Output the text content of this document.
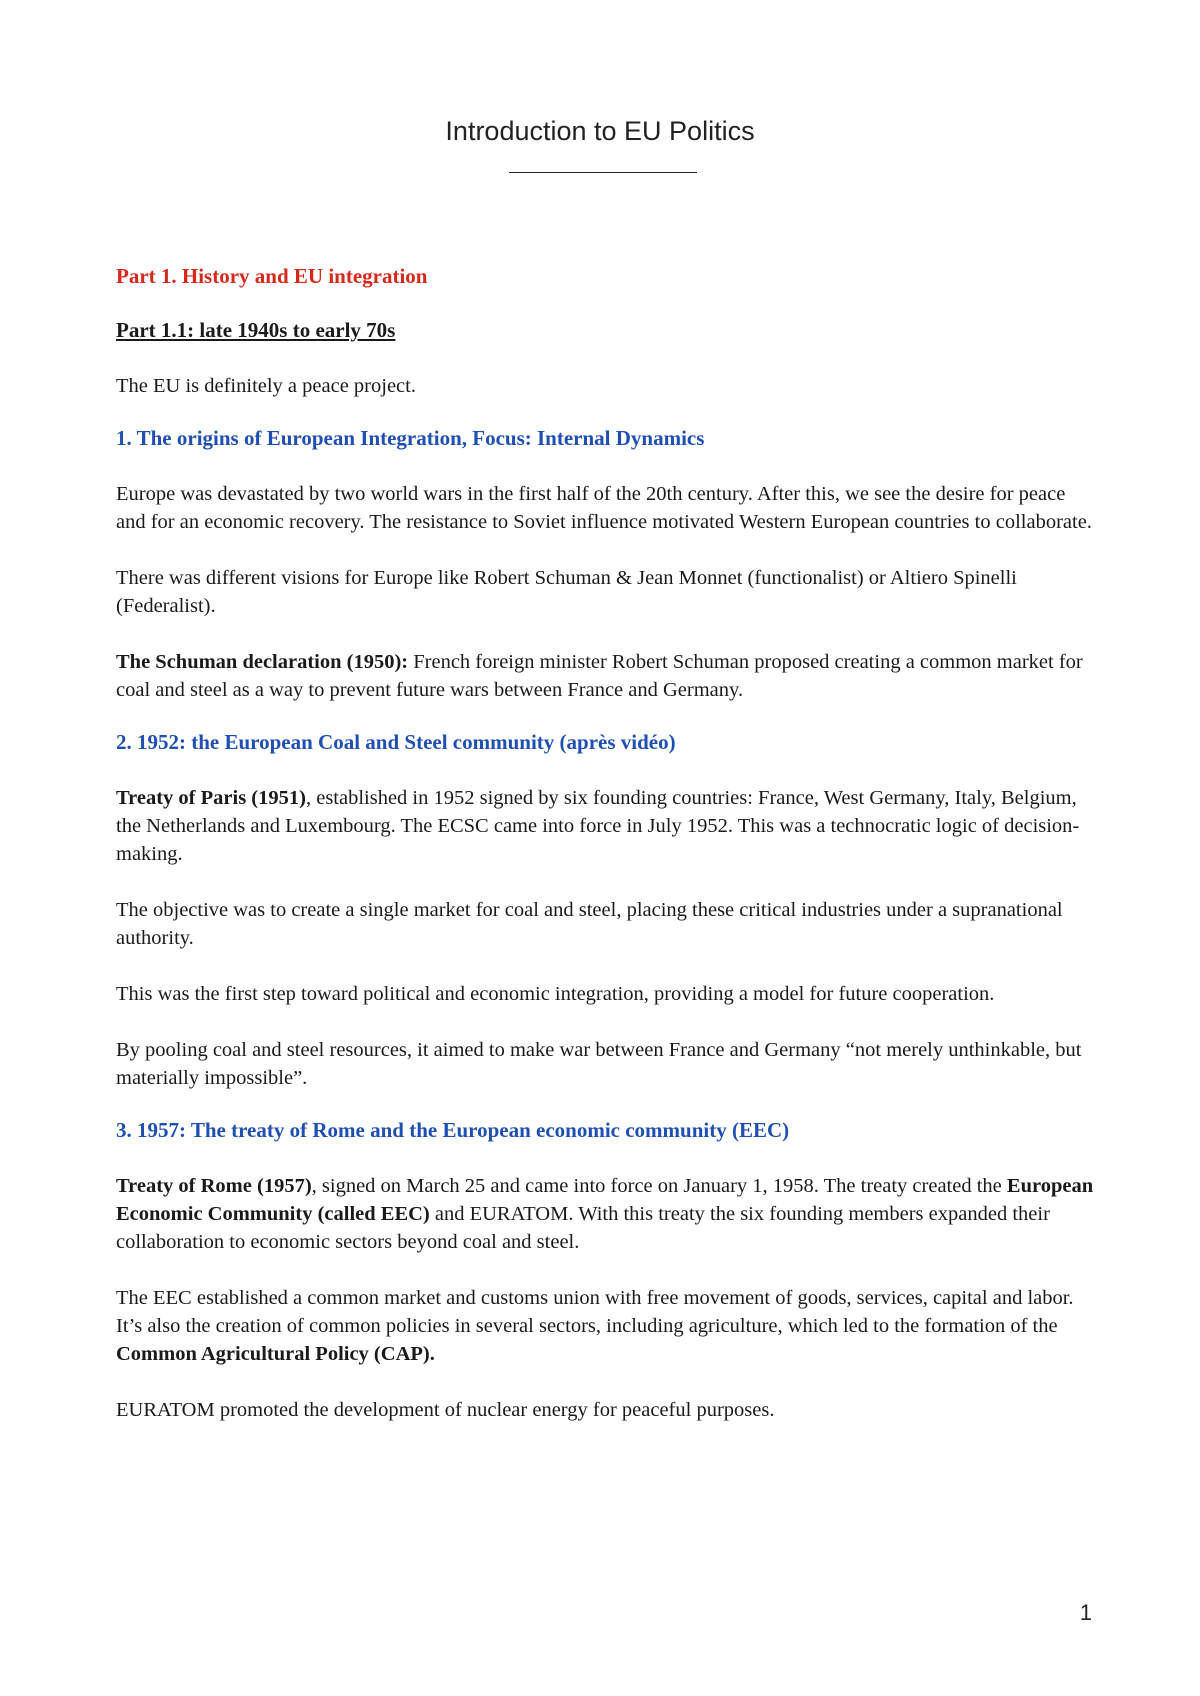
Introduction to EU Politics
Part 1. History and EU integration
Part 1.1: late 1940s to early 70s

The EU is definitely a peace project.

1. The origins of European Integration, Focus: Internal Dynamics

Europe was devastated by two world wars in the first half of the 20th century. After this, we see the desire for peace and for an economic recovery. The resistance to Soviet influence motivated Western European countries to collaborate.

There was different visions for Europe like Robert Schuman & Jean Monnet (functionalist) or Altiero Spinelli (Federalist).

The Schuman declaration (1950): French foreign minister Robert Schuman proposed creating a common market for coal and steel as a way to prevent future wars between France and Germany.

2. 1952: the European Coal and Steel community (après vidéo)

Treaty of Paris (1951), established in 1952 signed by six founding countries: France, West Germany, Italy, Belgium, the Netherlands and Luxembourg. The ECSC came into force in July 1952. This was a technocratic logic of decision-making.

The objective was to create a single market for coal and steel, placing these critical industries under a supranational authority.

This was the first step toward political and economic integration, providing a model for future cooperation.

By pooling coal and steel resources, it aimed to make war between France and Germany “not merely unthinkable, but materially impossible”.

3. 1957: The treaty of Rome and the European economic community (EEC)

Treaty of Rome (1957), signed on March 25 and came into force on January 1, 1958. The treaty created the European Economic Community (called EEC) and EURATOM. With this treaty the six founding members expanded their collaboration to economic sectors beyond coal and steel.

The EEC established a common market and customs union with free movement of goods, services, capital and labor. It’s also the creation of common policies in several sectors, including agriculture, which led to the formation of the Common Agricultural Policy (CAP).

EURATOM promoted the development of nuclear energy for peaceful purposes.

1
